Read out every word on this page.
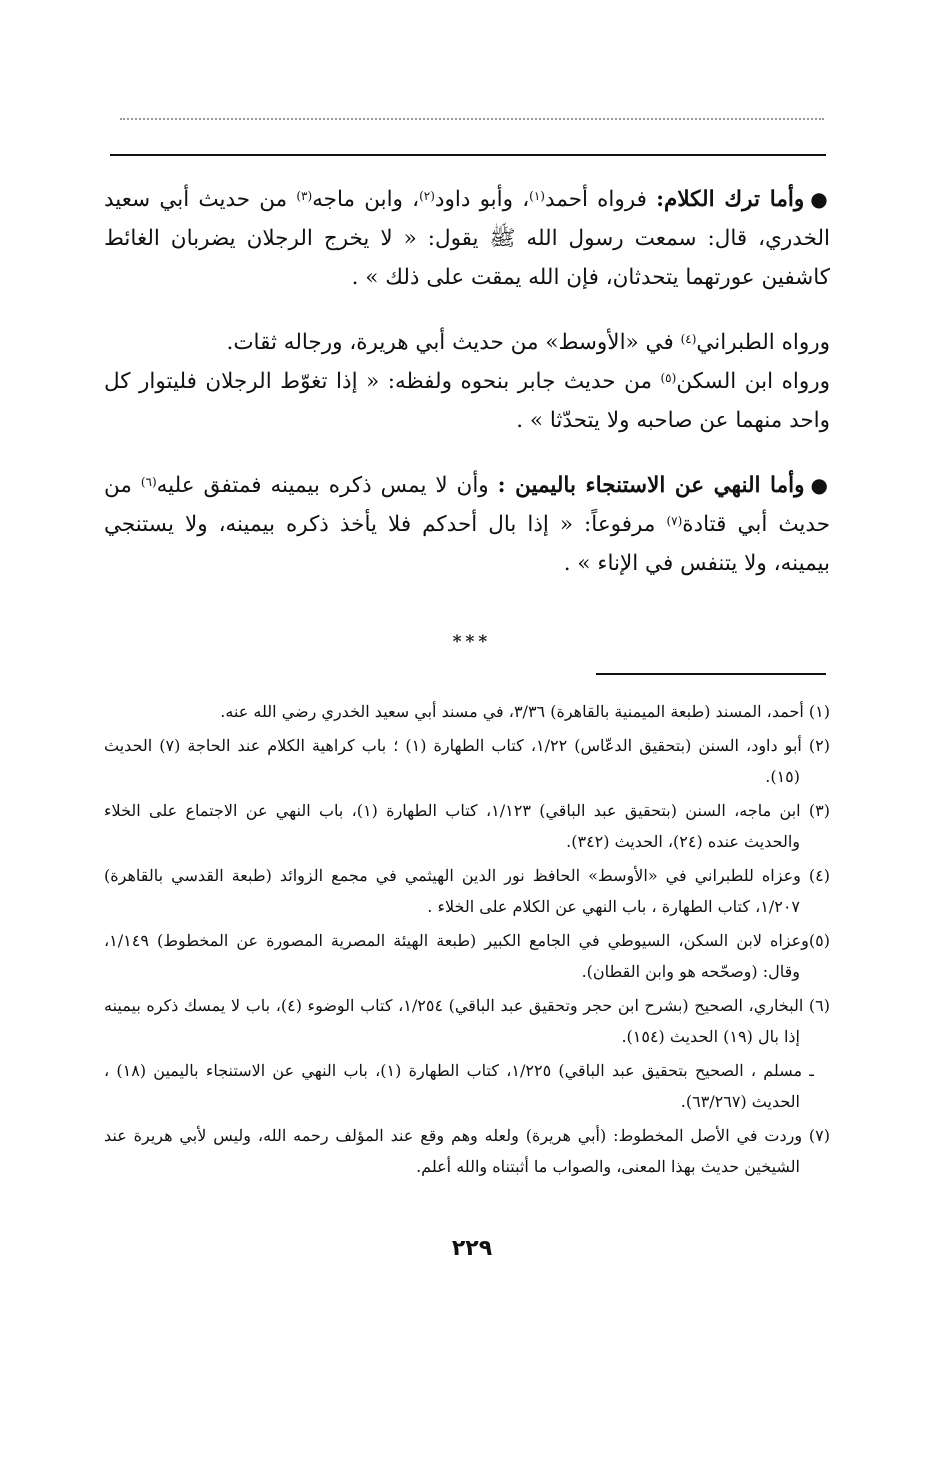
●وأما ترك الكلام: فرواه أحمد$^{(١)}$، وأبو داود$^{(٢)}$، وابن ماجه$^{(٣)}$ من حديث أبي سعيد الخدري، قال: سمعت رسول الله ﷺ يقول: « لا يخرج الرجلان يضربان الغائط كاشفين عورتهما يتحدثان، فإن الله يمقت على ذلك » .

ورواه الطبراني$^{(٤)}$ في «الأوسط» من حديث أبي هريرة، ورجاله ثقات.

ورواه ابن السكن$^{(٥)}$ من حديث جابر بنحوه ولفظه: « إذا تغوّط الرجلان فليتوار كل واحد منهما عن صاحبه ولا يتحدّثا » .

●وأما النهي عن الاستنجاء باليمين : وأن لا يمس ذكره بيمينه فمتفق عليه$^{(٦)}$ من حديث أبي قتادة$^{(٧)}$ مرفوعاً: « إذا بال أحدكم فلا يأخذ ذكره بيمينه، ولا يستنجي بيمينه، ولا يتنفس في الإناء » .

***

(١) أحمد، المسند (طبعة الميمنية بالقاهرة) ٣/٣٦، في مسند أبي سعيد الخدري رضي الله عنه.

(٢) أبو داود، السنن (بتحقيق الدعّاس) ١/٢٢، كتاب الطهارة (١) ؛ باب كراهية الكلام عند الحاجة (٧) الحديث (١٥).

(٣) ابن ماجه، السنن (بتحقيق عبد الباقي) ١/١٢٣، كتاب الطهارة (١)، باب النهي عن الاجتماع على الخلاء والحديث عنده (٢٤)، الحديث (٣٤٢).

(٤) وعزاه للطبراني في «الأوسط» الحافظ نور الدين الهيثمي في مجمع الزوائد (طبعة القدسي بالقاهرة) ١/٢٠٧، كتاب الطهارة ، باب النهي عن الكلام على الخلاء .

(٥)وعزاه لابن السكن، السيوطي في الجامع الكبير (طبعة الهيئة المصرية المصورة عن المخطوط) ١/١٤٩، وقال: (وصحّحه هو وابن القطان).

(٦) البخاري، الصحيح (بشرح ابن حجر وتحقيق عبد الباقي) ١/٢٥٤، كتاب الوضوء (٤)، باب لا يمسك ذكره بيمينه إذا بال (١٩) الحديث (١٥٤).

ـ مسلم ، الصحيح بتحقيق عبد الباقي) ١/٢٢٥، كتاب الطهارة (١)، باب النهي عن الاستنجاء باليمين (١٨) ، الحديث (٦٣/٢٦٧).

(٧) وردت في الأصل المخطوط: (أبي هريرة) ولعله وهم وقع عند المؤلف رحمه الله، وليس لأبي هريرة عند الشيخين حديث بهذا المعنى، والصواب ما أثبتناه والله أعلم.

٢٢٩
